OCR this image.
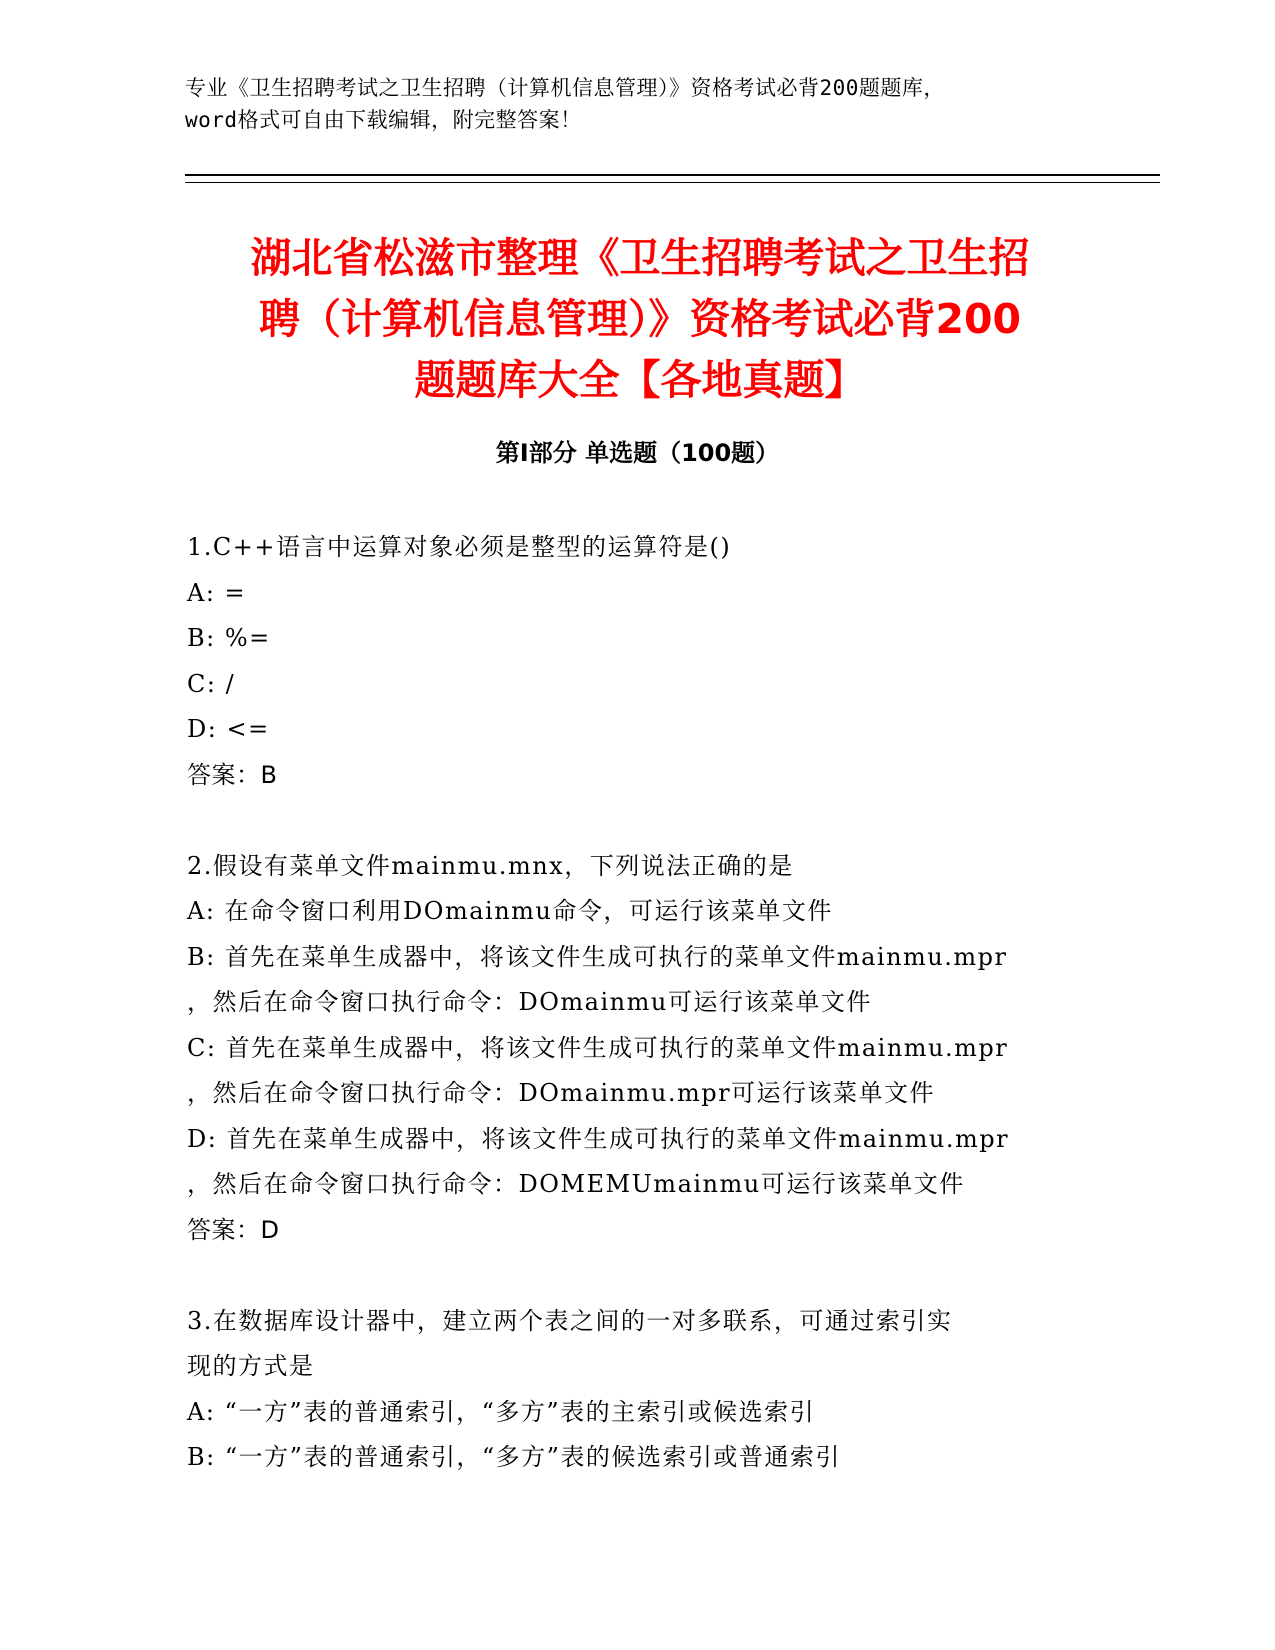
专业《卫生招聘考试之卫生招聘（计算机信息管理）》资格考试必背200题题库，
word格式可自由下载编辑，附完整答案！
湖北省松滋市整理《卫生招聘考试之卫生招
聘（计算机信息管理）》资格考试必背200
题题库大全【各地真题】
第Ⅰ部分 单选题（100题）
1.C++语言中运算对象必须是整型的运算符是()
A: =
B: %=
C: /
D: <=
答案：B
2.假设有菜单文件mainmu.mnx，下列说法正确的是
A: 在命令窗口利用DOmainmu命令，可运行该菜单文件
B: 首先在菜单生成器中，将该文件生成可执行的菜单文件mainmu.mpr
，然后在命令窗口执行命令：DOmainmu可运行该菜单文件
C: 首先在菜单生成器中，将该文件生成可执行的菜单文件mainmu.mpr
，然后在命令窗口执行命令：DOmainmu.mpr可运行该菜单文件
D: 首先在菜单生成器中，将该文件生成可执行的菜单文件mainmu.mpr
，然后在命令窗口执行命令：DOMEMUmainmu可运行该菜单文件
答案：D
3.在数据库设计器中，建立两个表之间的一对多联系，可通过索引实
现的方式是
A: “一方”表的普通索引，“多方”表的主索引或候选索引
B: “一方”表的普通索引，“多方”表的候选索引或普通索引
